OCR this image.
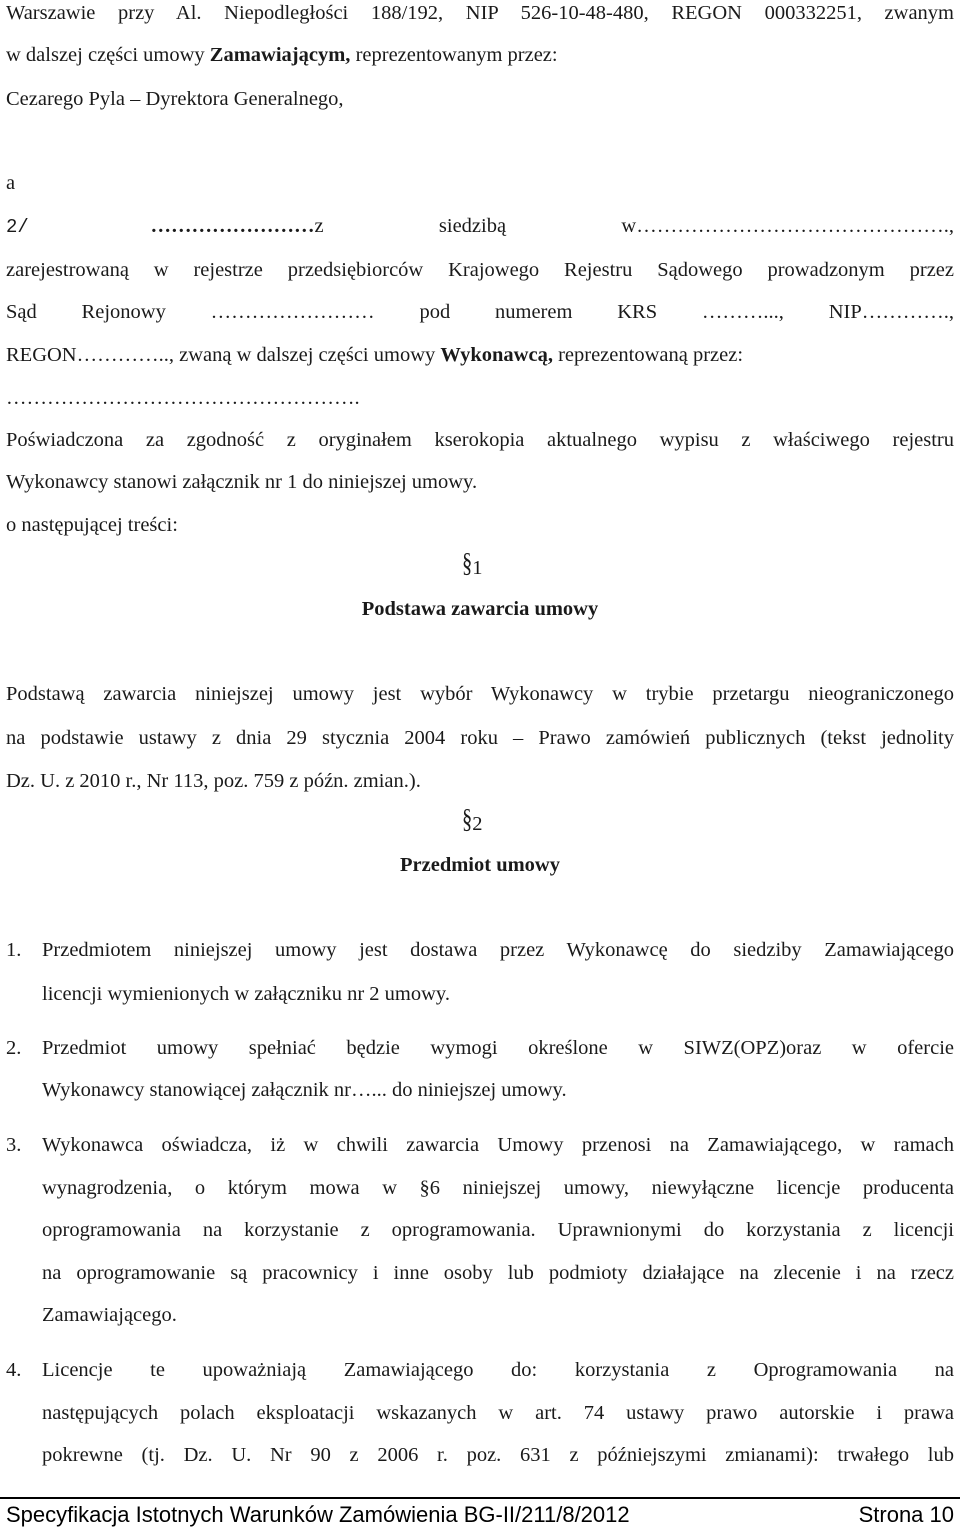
Warszawie przy Al. Niepodległości 188/192, NIP 526-10-48-480, REGON 000332251, zwanym
w dalszej części umowy Zamawiającym, reprezentowanym przez:
Cezarego Pyla – Dyrektora Generalnego,
a
2/ ……………………z siedzibą w……………………………………….,
zarejestrowaną w rejestrze przedsiębiorców Krajowego Rejestru Sądowego prowadzonym przez
Sąd Rejonowy …………………… pod numerem KRS ………..., NIP………….,
REGON………….., zwaną w dalszej części umowy Wykonawcą, reprezentowaną przez:
…………………………………………….
Poświadczona za zgodność z oryginałem kserokopia aktualnego wypisu z właściwego rejestru
Wykonawcy stanowi załącznik nr 1 do niniejszej umowy.
o następującej treści:
§1
Podstawa zawarcia umowy
Podstawą zawarcia niniejszej umowy jest wybór Wykonawcy w trybie przetargu nieograniczonego
na podstawie ustawy z dnia 29 stycznia 2004 roku – Prawo zamówień publicznych (tekst jednolity
Dz. U. z 2010 r., Nr 113, poz. 759 z późn. zmian.).
§2
Przedmiot umowy
1. Przedmiotem niniejszej umowy jest dostawa przez Wykonawcę do siedziby Zamawiającego
licencji wymienionych w załączniku nr 2 umowy.
2. Przedmiot umowy spełniać będzie wymogi określone w SIWZ(OPZ)oraz w ofercie
Wykonawcy stanowiącej załącznik nr…... do niniejszej umowy.
3. Wykonawca oświadcza, iż w chwili zawarcia Umowy przenosi na Zamawiającego, w ramach
wynagrodzenia, o którym mowa w §6 niniejszej umowy, niewyłączne licencje producenta
oprogramowania na korzystanie z oprogramowania. Uprawnionymi do korzystania z licencji
na oprogramowanie są pracownicy i inne osoby lub podmioty działające na zlecenie i na rzecz
Zamawiającego.
4. Licencje te upoważniają Zamawiającego do: korzystania z Oprogramowania na
następujących polach eksploatacji wskazanych w art. 74 ustawy prawo autorskie i prawa
pokrewne (tj. Dz. U. Nr 90 z 2006 r. poz. 631 z późniejszymi zmianami): trwałego lub
Specyfikacja Istotnych Warunków Zamówienia BG-II/211/8/2012	Strona 10
